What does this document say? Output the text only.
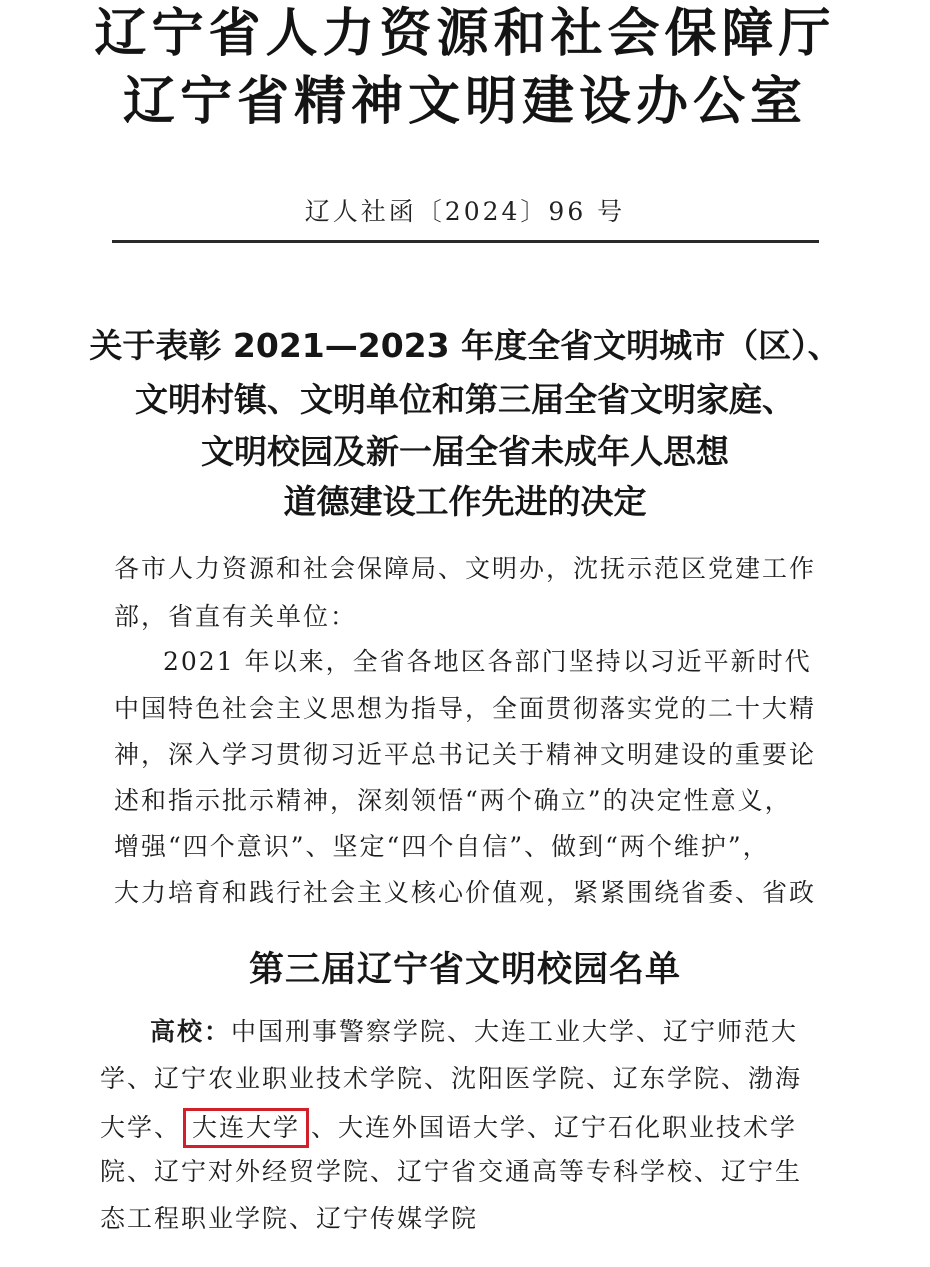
辽宁省人力资源和社会保障厅
辽宁省精神文明建设办公室
辽人社函〔2024〕96 号
关于表彰 2021—2023 年度全省文明城市（区）、
文明村镇、文明单位和第三届全省文明家庭、
文明校园及新一届全省未成年人思想
道德建设工作先进的决定
各市人力资源和社会保障局、文明办，沈抚示范区党建工作
部，省直有关单位：
2021 年以来，全省各地区各部门坚持以习近平新时代
中国特色社会主义思想为指导，全面贯彻落实党的二十大精
神，深入学习贯彻习近平总书记关于精神文明建设的重要论
述和指示批示精神，深刻领悟“两个确立”的决定性意义，
增强“四个意识”、坚定“四个自信”、做到“两个维护”，
大力培育和践行社会主义核心价值观，紧紧围绕省委、省政
第三届辽宁省文明校园名单
高校：中国刑事警察学院、大连工业大学、辽宁师范大
学、辽宁农业职业技术学院、沈阳医学院、辽东学院、渤海
大学、 大连大学 、大连外国语大学、辽宁石化职业技术学
院、辽宁对外经贸学院、辽宁省交通高等专科学校、辽宁生
态工程职业学院、辽宁传媒学院
